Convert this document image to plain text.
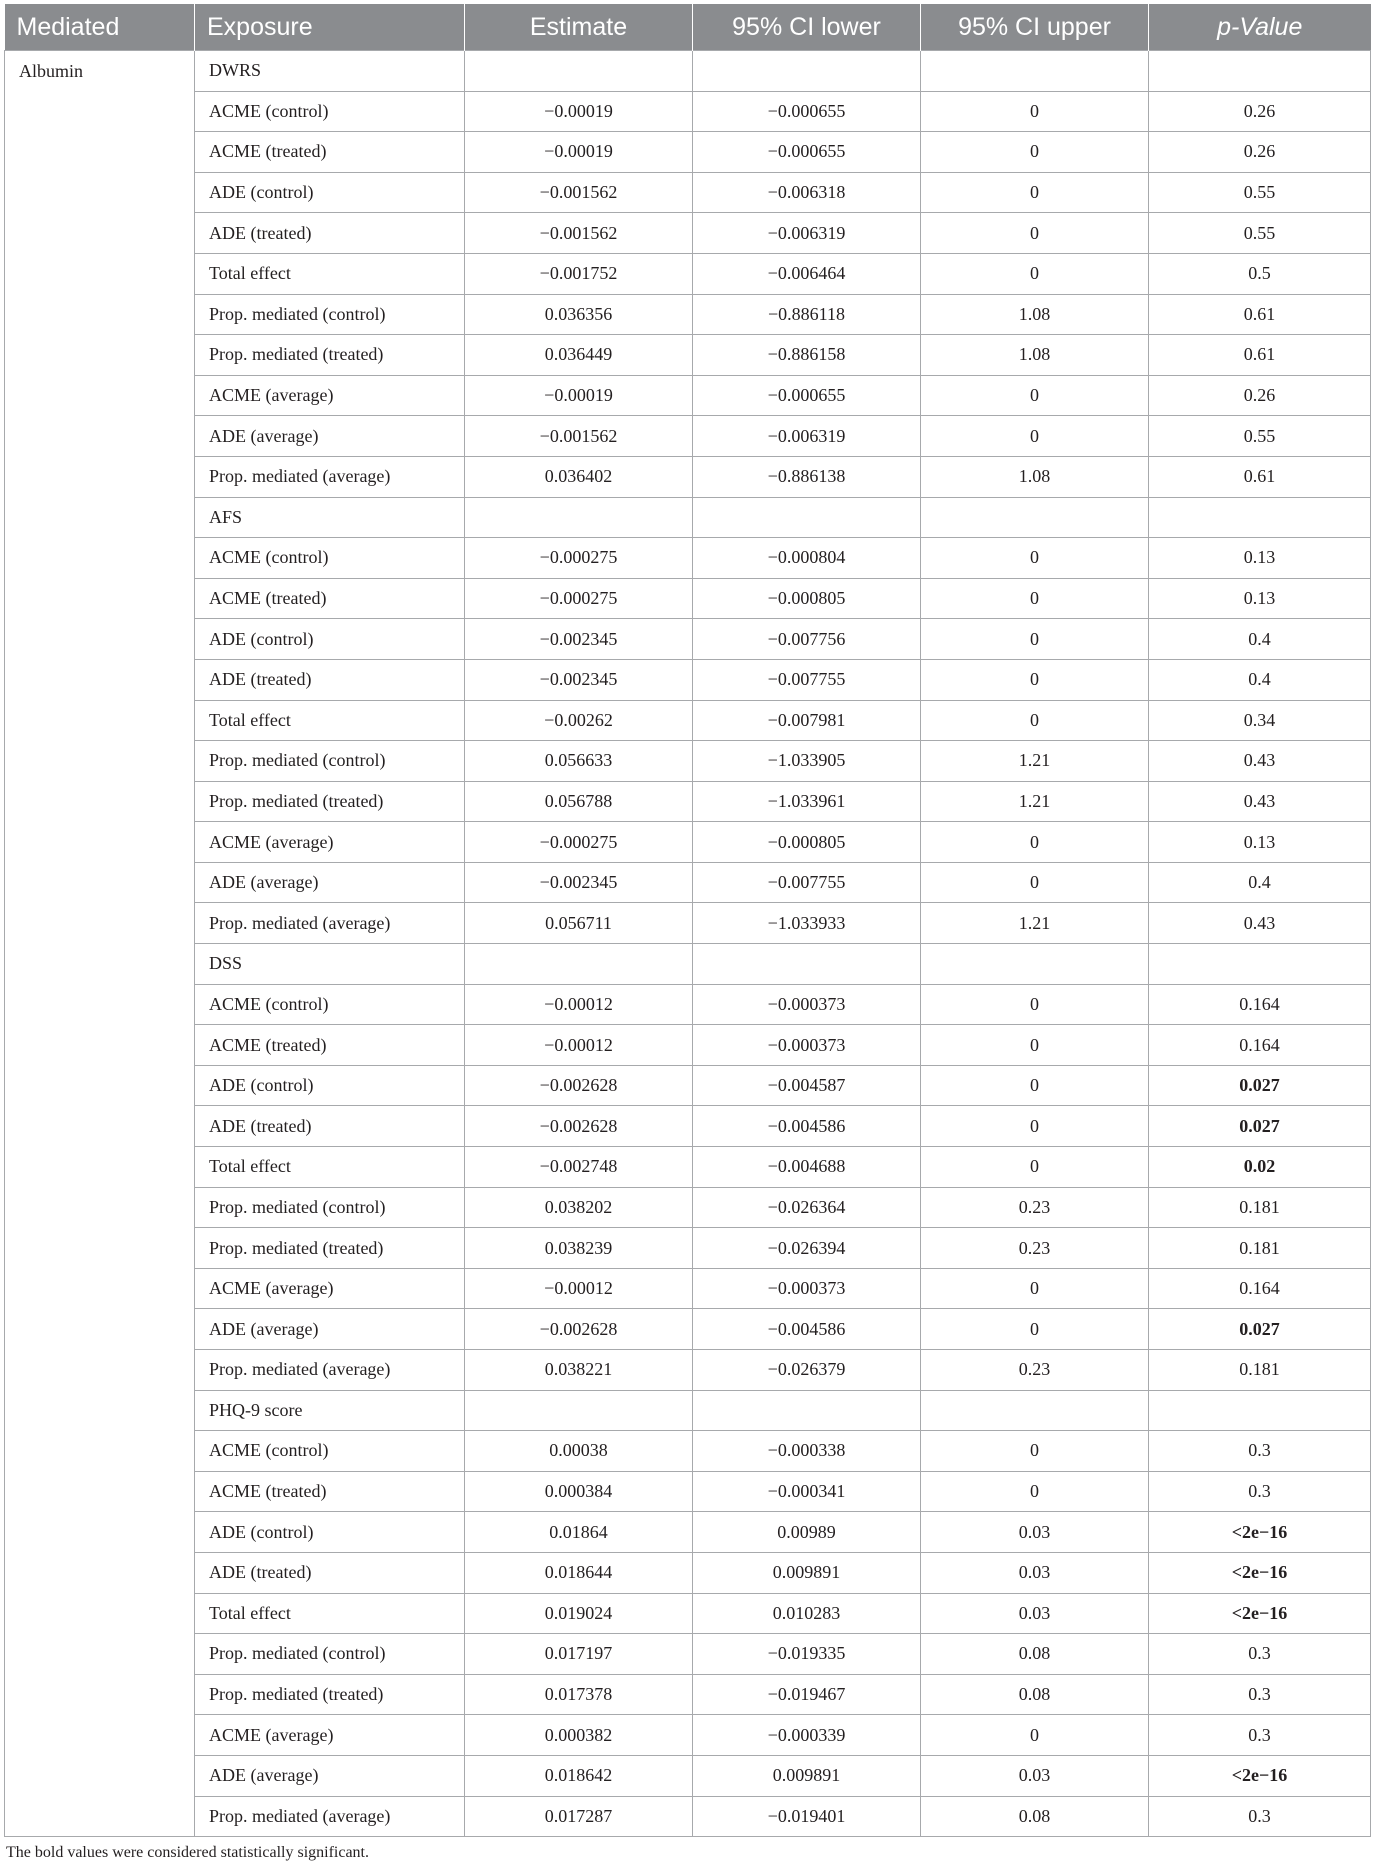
Mediated	Exposure	Estimate	95% CI lower	95% CI upper	p-Value
Albumin	DWRS				
	ACME (control)	−0.00019	−0.000655	0	0.26
	ACME (treated)	−0.00019	−0.000655	0	0.26
	ADE (control)	−0.001562	−0.006318	0	0.55
	ADE (treated)	−0.001562	−0.006319	0	0.55
	Total effect	−0.001752	−0.006464	0	0.5
	Prop. mediated (control)	0.036356	−0.886118	1.08	0.61
	Prop. mediated (treated)	0.036449	−0.886158	1.08	0.61
	ACME (average)	−0.00019	−0.000655	0	0.26
	ADE (average)	−0.001562	−0.006319	0	0.55
	Prop. mediated (average)	0.036402	−0.886138	1.08	0.61
	AFS				
	ACME (control)	−0.000275	−0.000804	0	0.13
	ACME (treated)	−0.000275	−0.000805	0	0.13
	ADE (control)	−0.002345	−0.007756	0	0.4
	ADE (treated)	−0.002345	−0.007755	0	0.4
	Total effect	−0.00262	−0.007981	0	0.34
	Prop. mediated (control)	0.056633	−1.033905	1.21	0.43
	Prop. mediated (treated)	0.056788	−1.033961	1.21	0.43
	ACME (average)	−0.000275	−0.000805	0	0.13
	ADE (average)	−0.002345	−0.007755	0	0.4
	Prop. mediated (average)	0.056711	−1.033933	1.21	0.43
	DSS				
	ACME (control)	−0.00012	−0.000373	0	0.164
	ACME (treated)	−0.00012	−0.000373	0	0.164
	ADE (control)	−0.002628	−0.004587	0	0.027
	ADE (treated)	−0.002628	−0.004586	0	0.027
	Total effect	−0.002748	−0.004688	0	0.02
	Prop. mediated (control)	0.038202	−0.026364	0.23	0.181
	Prop. mediated (treated)	0.038239	−0.026394	0.23	0.181
	ACME (average)	−0.00012	−0.000373	0	0.164
	ADE (average)	−0.002628	−0.004586	0	0.027
	Prop. mediated (average)	0.038221	−0.026379	0.23	0.181
	PHQ-9 score				
	ACME (control)	0.00038	−0.000338	0	0.3
	ACME (treated)	0.000384	−0.000341	0	0.3
	ADE (control)	0.01864	0.00989	0.03	<2e−16
	ADE (treated)	0.018644	0.009891	0.03	<2e−16
	Total effect	0.019024	0.010283	0.03	<2e−16
	Prop. mediated (control)	0.017197	−0.019335	0.08	0.3
	Prop. mediated (treated)	0.017378	−0.019467	0.08	0.3
	ACME (average)	0.000382	−0.000339	0	0.3
	ADE (average)	0.018642	0.009891	0.03	<2e−16
	Prop. mediated (average)	0.017287	−0.019401	0.08	0.3
The bold values were considered statistically significant.
